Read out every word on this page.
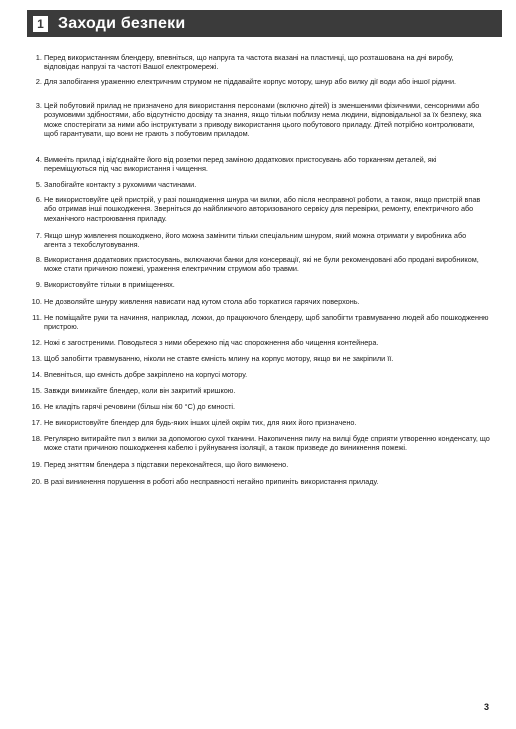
1 Заходи безпеки
1. Перед використанням блендеру, впевніться, що напруга та частота вказані на пластинці, що розташована на дні виробу, відповідає напрузі та частоті Вашої електромережі.
2. Для запобігання ураженню електричним струмом не піддавайте корпус мотору, шнур або вилку дії води або іншої рідини.
3. Цей побутовий прилад не призначено для використання персонами (включно дітей) із зменшеними фізичними, сенсорними або розумовими здібностями, або відсутністю досвіду та знання, якщо тільки поблизу нема людини, відповідальної за їх безпеку, яка може спостерігати за ними або інструктувати з приводу використання цього побутового приладу. Дітей потрібно контролювати, щоб гарантувати, що вони не грають з побутовим приладом.
4. Вимкніть прилад і від'єднайте його від розетки перед заміною додаткових пристосувань або торканням деталей, які переміщуються під час використання і чищення.
5. Запобігайте контакту з рухомими частинами.
6. Не використовуйте цей пристрій, у разі пошкодження шнура чи вилки, або після несправної роботи, а також, якщо пристрій впав або отримав інші пошкодження. Зверніться до найближчого авторизованого сервісу для перевірки, ремонту, електричного або механічного настроювання приладу.
7. Якщо шнур живлення пошкоджено, його можна замінити тільки спеціальним шнуром, який можна отримати у виробника або агента з техобслуговування.
8. Використання додаткових пристосувань, включаючи банки для консервації, які не були рекомендовані або продані виробником, може стати причиною пожежі, ураження електричним струмом або травми.
9. Використовуйте тільки в приміщеннях.
10. Не дозволяйте шнуру живлення нависати над кутом стола або торкатися гарячих поверхонь.
11. Не поміщайте руки та начиння, наприклад, ложки, до працюючого блендеру, щоб запобігти травмуванню людей або пошкодженню пристрою.
12. Ножі є загостреними. Поводьтеся з ними обережно під час спорожнення або чищення контейнера.
13. Щоб запобігти травмуванню, ніколи не ставте ємність млину на корпус мотору, якщо ви не закріпили її.
14. Впевніться, що ємність добре закріплено на корпусі мотору.
15. Завжди вимикайте блендер, коли він закритий кришкою.
16. Не кладіть гарячі речовини (більш ніж 60 °C) до ємності.
17. Не використовуйте блендер для будь-яких інших цілей окрім тих, для яких його призначено.
18. Регулярно витирайте пил з вилки за допомогою сухої тканини. Накопичення пилу на вилці буде сприяти утворенню конденсату, що може стати причиною пошкодження кабелю і руйнування ізоляції, а також призведе до виникнення пожежі.
19. Перед зняттям блендера з підставки переконайтеся, що його вимкнено.
20. В разі виникнення порушення в роботі або несправності негайно припиніть використання приладу.
3
